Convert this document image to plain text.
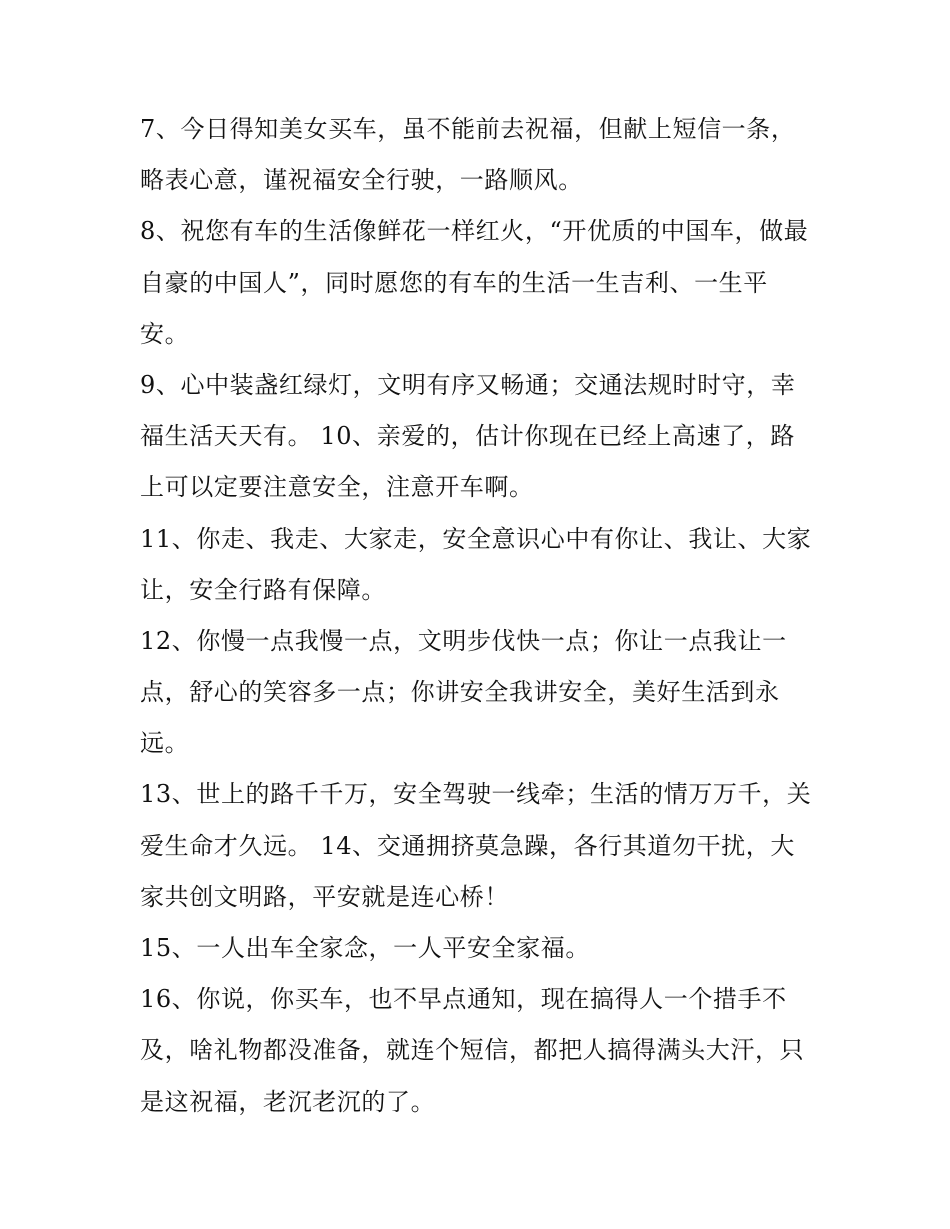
7、今日得知美女买车，虽不能前去祝福，但献上短信一条，
略表心意，谨祝福安全行驶，一路顺风。
8、祝您有车的生活像鲜花一样红火，“开优质的中国车，做最
自豪的中国人”，同时愿您的有车的生活一生吉利、一生平
安。
9、心中装盏红绿灯，文明有序又畅通；交通法规时时守，幸
福生活天天有。 10、亲爱的，估计你现在已经上高速了，路
上可以定要注意安全，注意开车啊。
11、你走、我走、大家走，安全意识心中有你让、我让、大家
让，安全行路有保障。
12、你慢一点我慢一点，文明步伐快一点；你让一点我让一
点，舒心的笑容多一点；你讲安全我讲安全，美好生活到永
远。
13、世上的路千千万，安全驾驶一线牵；生活的情万万千，关
爱生命才久远。 14、交通拥挤莫急躁，各行其道勿干扰，大
家共创文明路，平安就是连心桥！
15、一人出车全家念，一人平安全家福。
16、你说，你买车，也不早点通知，现在搞得人一个措手不
及，啥礼物都没准备，就连个短信，都把人搞得满头大汗，只
是这祝福，老沉老沉的了。
